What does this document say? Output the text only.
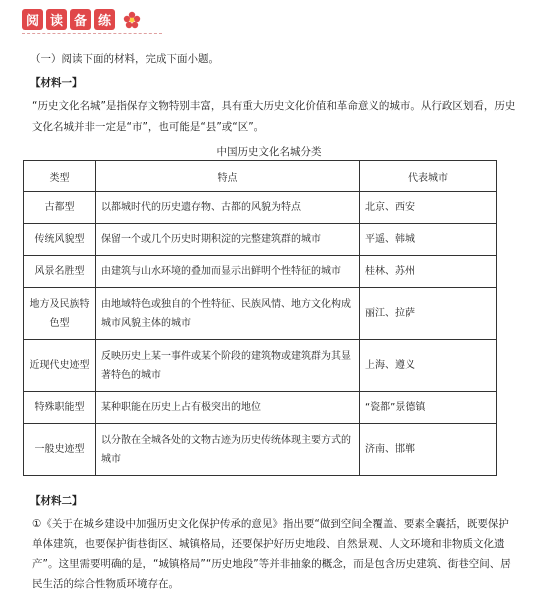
阅 读 备 练
（一）阅读下面的材料，完成下面小题。
【材料一】
“历史文化名城”是指保存文物特别丰富，具有重大历史文化价值和革命意义的城市。从行政区划看，历史文化名城并非一定是“市”，也可能是“县”或“区”。
中国历史文化名城分类
类型	特点	代表城市
古都型	以都城时代的历史遗存物、古都的风貌为特点	北京、西安
传统风貌型	保留一个或几个历史时期积淀的完整建筑群的城市	平遥、韩城
风景名胜型	由建筑与山水环境的叠加而显示出鲜明个性特征的城市	桂林、苏州
地方及民族特色型	由地域特色或独自的个性特征、民族风情、地方文化构成城市风貌主体的城市	丽江、拉萨
近现代史迹型	反映历史上某一事件或某个阶段的建筑物或建筑群为其显著特色的城市	上海、遵义
特殊职能型	某种职能在历史上占有极突出的地位	“瓷都”景德镇
一般史迹型	以分散在全城各处的文物古迹为历史传统体现主要方式的城市	济南、邯郸
【材料二】
①《关于在城乡建设中加强历史文化保护传承的意见》指出要“做到空间全覆盖、要素全囊括，既要保护单体建筑，也要保护街巷街区、城镇格局，还要保护好历史地段、自然景观、人文环境和非物质文化遗产”。这里需要明确的是，“城镇格局”“历史地段”等并非抽象的概念，而是包含历史建筑、街巷空间、居民生活的综合性物质环境存在。
